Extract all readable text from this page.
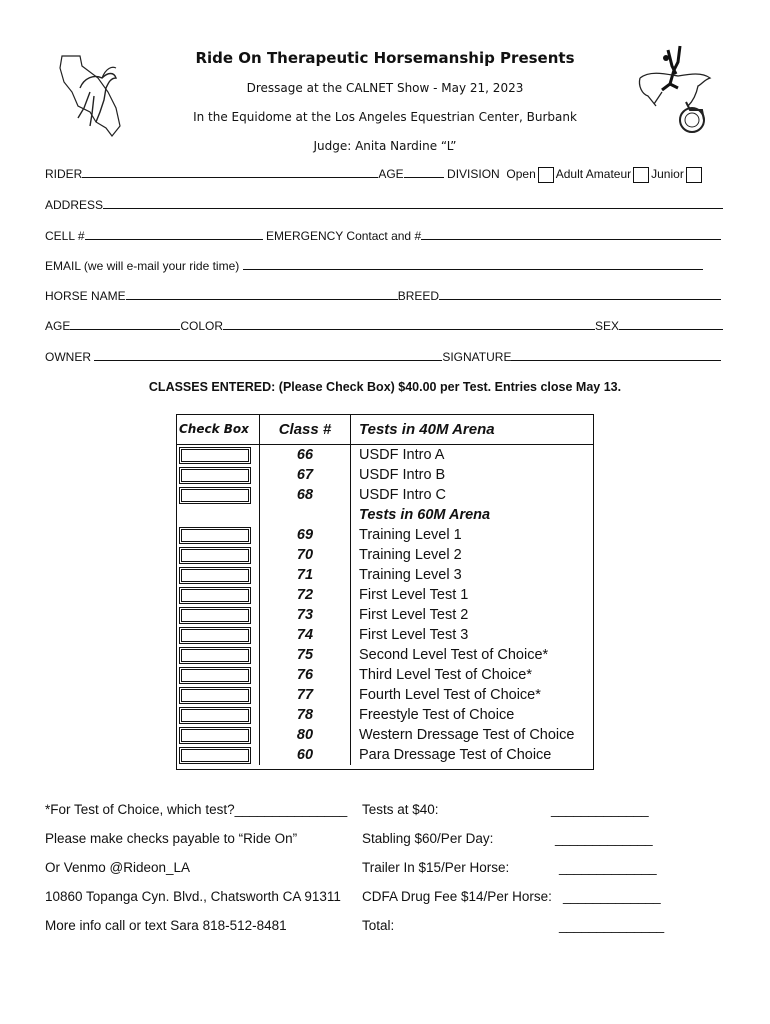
Ride On Therapeutic Horsemanship Presents
Dressage at the CALNET Show - May 21, 2023
In the Equidome at the Los Angeles Equestrian Center, Burbank
Judge: Anita Nardine “L”
RIDER	AGE	DIVISION Open Adult Amateur Junior
ADDRESS
CELL #	EMERGENCY Contact and #
EMAIL (we will e-mail your ride time)
HORSE NAME	BREED
AGE	COLOR	SEX
OWNER	SIGNATURE
CLASSES ENTERED: (Please Check Box) $40.00 per Test. Entries close May 13.
Check Box	Class #	Tests in 40M Arena

	66	USDF Intro A

	67	USDF Intro B

	68	USDF Intro C
		Tests in 60M Arena

	69	Training Level 1

	70	Training Level 2

	71	Training Level 3

	72	First Level Test 1

	73	First Level Test 2

	74	First Level Test 3

	75	Second Level Test of Choice*

	76	Third Level Test of Choice*

	77	Fourth Level Test of Choice*

	78	Freestyle Test of Choice

	80	Western Dressage Test of Choice

	60	Para Dressage Test of Choice
*For Test of Choice, which test?_______________
Please make checks payable to “Ride On”
Or Venmo @Rideon_LA
10860 Topanga Cyn. Blvd., Chatsworth CA 91311
More info call or text Sara 818-512-8481
Tests at $40:	_____________
Stabling $60/Per Day:	_____________
Trailer In $15/Per Horse:	_____________
CDFA Drug Fee $14/Per Horse: _____________
Total:	______________
